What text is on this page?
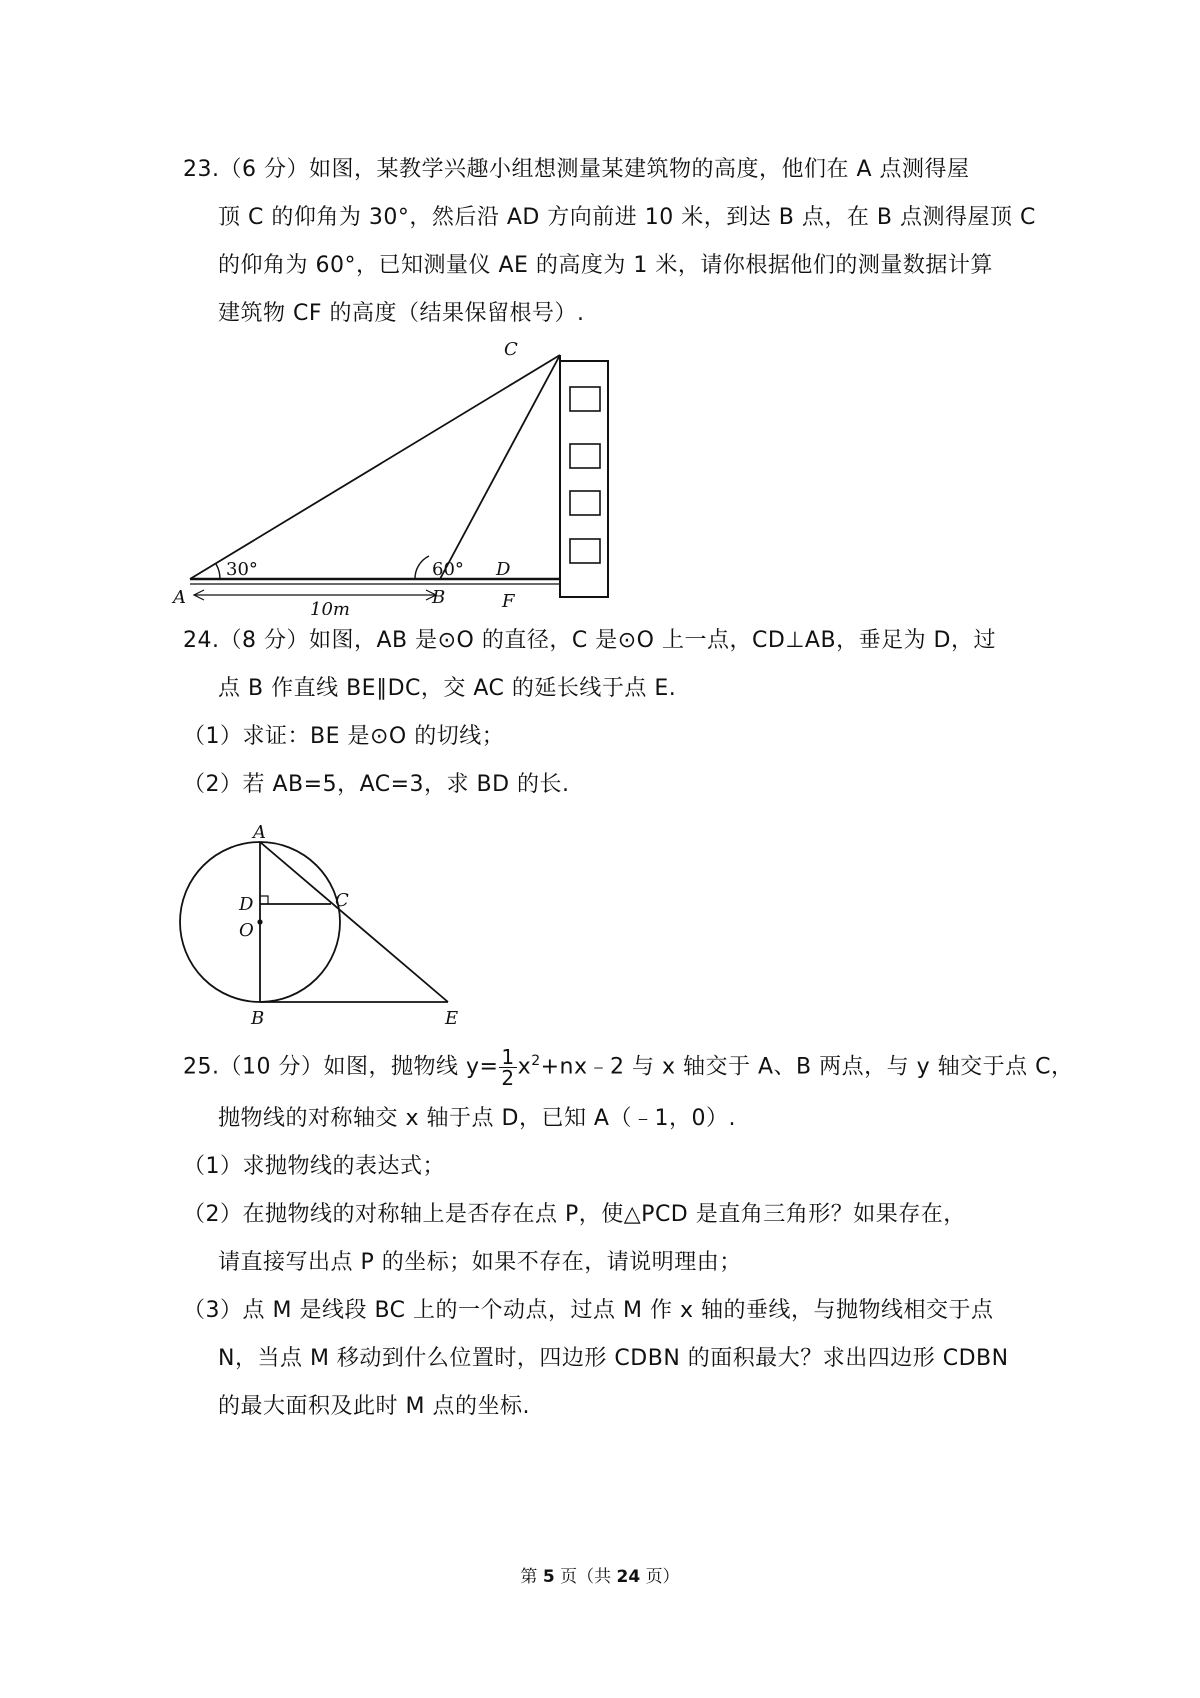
23.（6 分）如图，某教学兴趣小组想测量某建筑物的高度，他们在 A 点测得屋
顶 C 的仰角为 30°，然后沿 AD 方向前进 10 米，到达 B 点，在 B 点测得屋顶 C
的仰角为 60°，已知测量仪 AE 的高度为 1 米，请你根据他们的测量数据计算
建筑物 CF 的高度（结果保留根号）.
C
A	B
D
F
30°	60°
10m
24.（8 分）如图，AB 是⊙O 的直径，C 是⊙O 上一点，CD⊥AB，垂足为 D，过
点 B 作直线 BE∥DC，交 AC 的延长线于点 E.
（1）求证：BE 是⊙O 的切线；
（2）若 AB=5，AC=3，求 BD 的长.
A
B
C
D
O
E
25.（10 分）如图，抛物线 $y= \frac{1}{2}$ $x^2+nx﹣2$ 与 x 轴交于 A、B 两点，与 y 轴交于点 C，
抛物线的对称轴交 x 轴于点 D，已知 A（﹣1，0）.
（1）求抛物线的表达式；
（2）在抛物线的对称轴上是否存在点 P，使△PCD 是直角三角形？如果存在，
请直接写出点 P 的坐标；如果不存在，请说明理由；
（3）点 M 是线段 BC 上的一个动点，过点 M 作 x 轴的垂线，与抛物线相交于点
N，当点 M 移动到什么位置时，四边形 CDBN 的面积最大？求出四边形 CDBN
的最大面积及此时 M 点的坐标.
第 5 页（共 24 页）
